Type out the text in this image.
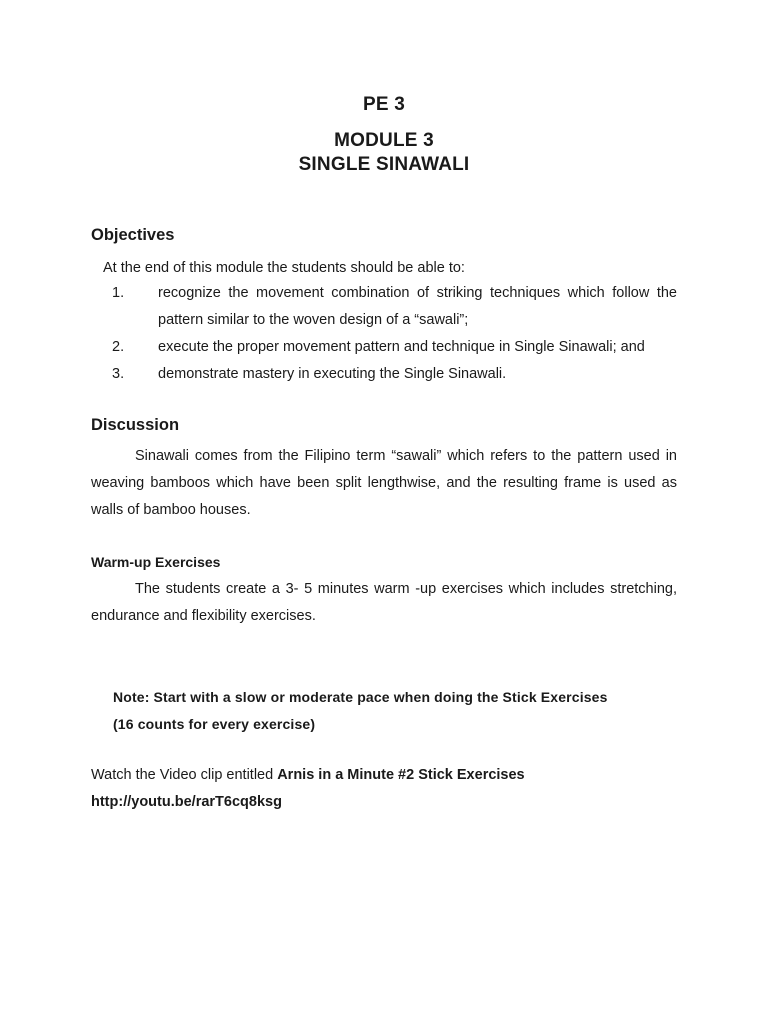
PE 3
MODULE 3
SINGLE SINAWALI
Objectives
At the end of this module the students should be able to:
1.	recognize the movement combination of striking techniques which follow the pattern similar to the woven design of a “sawali”;
2.	execute the proper movement pattern and technique in Single Sinawali; and
3.	demonstrate mastery in executing the Single Sinawali.
Discussion
Sinawali comes from the Filipino term “sawali” which refers to the pattern used in weaving bamboos which have been split lengthwise, and the resulting frame is used as walls of bamboo houses.
Warm-up Exercises
The students create a 3- 5 minutes warm -up exercises which includes stretching, endurance and flexibility exercises.
Note: Start with a slow or moderate pace when doing the Stick Exercises
(16 counts for every exercise)
Watch the Video clip entitled Arnis in a Minute #2 Stick Exercises
http://youtu.be/rarT6cq8ksg
